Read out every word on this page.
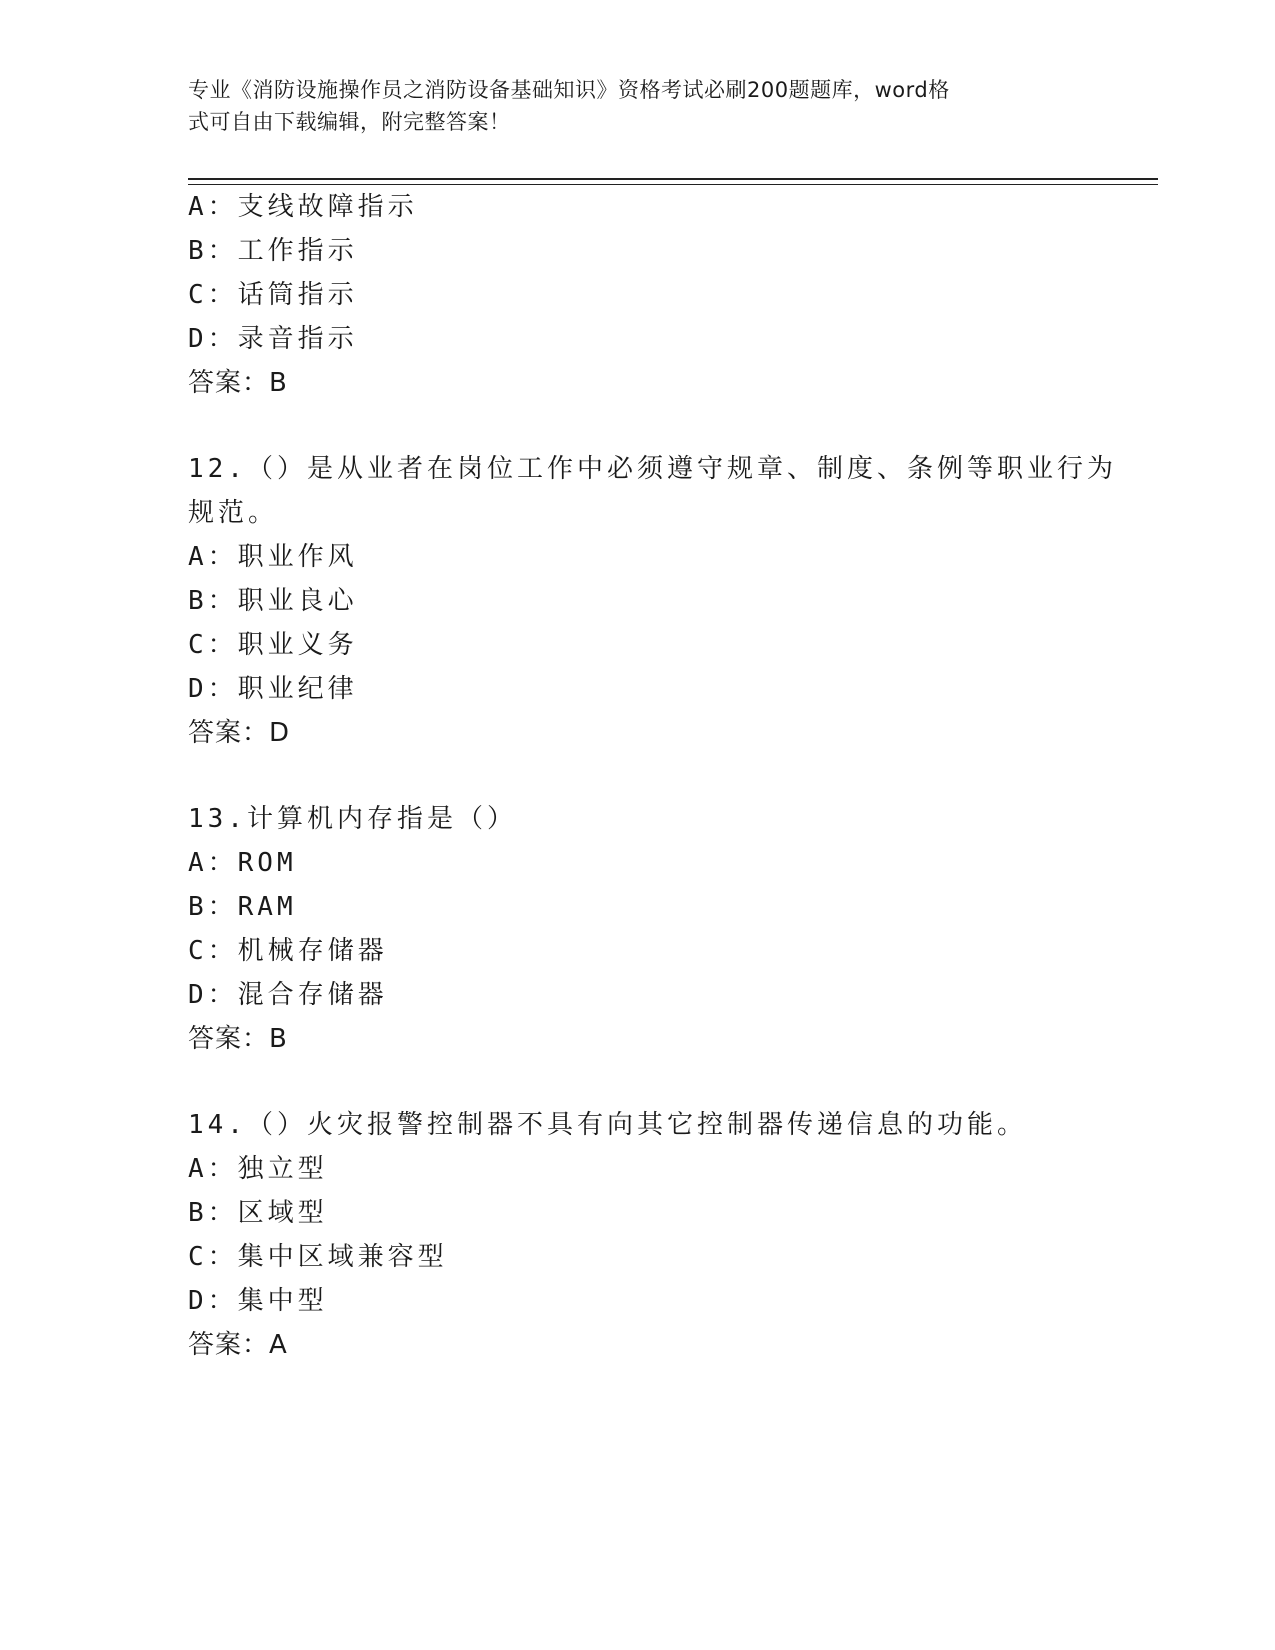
专业《消防设施操作员之消防设备基础知识》资格考试必刷200题题库，word格
式可自由下载编辑，附完整答案！
A：支线故障指示
B：工作指示
C：话筒指示
D：录音指示
答案：B
12.（）是从业者在岗位工作中必须遵守规章、制度、条例等职业行为
规范。
A：职业作风
B：职业良心
C：职业义务
D：职业纪律
答案：D
13.计算机内存指是（）
A：ROM
B：RAM
C：机械存储器
D：混合存储器
答案：B
14.（）火灾报警控制器不具有向其它控制器传递信息的功能。
A：独立型
B：区域型
C：集中区域兼容型
D：集中型
答案：A
